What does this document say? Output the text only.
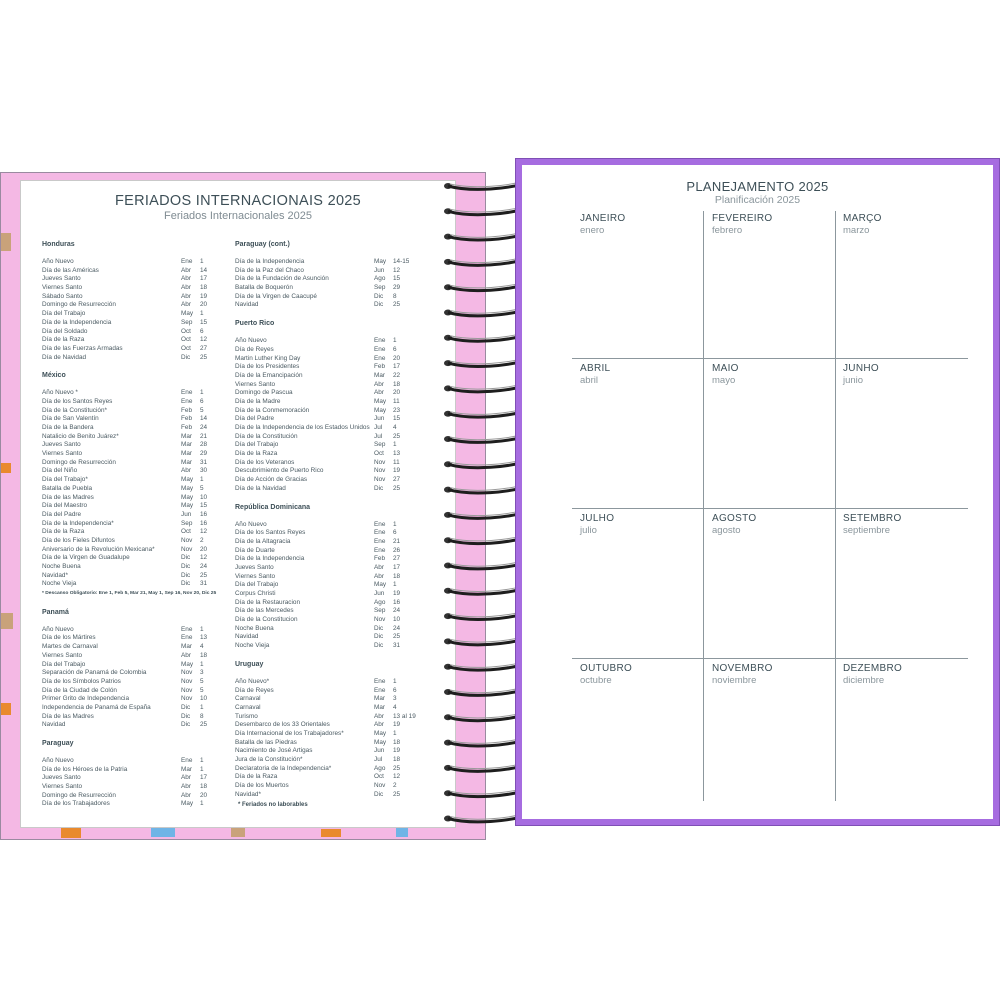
FERIADOS INTERNACIONAIS 2025
Feriados Internacionales 2025
Honduras
Año Nuevo	Ene 1
Día de las Américas	Abr 14
Jueves Santo	Abr 17
Viernes Santo	Abr 18
Sábado Santo	Abr 19
Domingo de Resurrección	Abr 20
Día del Trabajo	May 1
Día de la Independencia	Sep 15
Día del Soldado	Oct 6
Día de la Raza	Oct 12
Día de las Fuerzas Armadas	Oct 27
Día de Navidad	Dic 25
México
Año Nuevo *	Ene 1
Día de los Santos Reyes	Ene 6
Día de la Constitución*	Feb 5
Día de San Valentín	Feb 14
Día de la Bandera	Feb 24
Natalicio de Benito Juárez*	Mar 21
Jueves Santo	Mar 28
Viernes Santo	Mar 29
Domingo de Resurrección	Mar 31
Día del Niño	Abr 30
Día del Trabajo*	May 1
Batalla de Puebla	May 5
Día de las Madres	May 10
Día del Maestro	May 15
Día del Padre	Jun 16
Día de la Independencia*	Sep 16
Día de la Raza	Oct 12
Día de los Fieles Difuntos	Nov 2
Aniversario de la Revolución Mexicana*	Nov 20
Día de la Virgen de Guadalupe	Dic 12
Noche Buena	Dic 24
Navidad*	Dic 25
Noche Vieja	Dic 31
* Descanso Obligatorio: Ene 1, Feb 5, Mar 21, May 1, Sep 16, Nov 20, Dic 25
Panamá
Año Nuevo	Ene 1
Día de los Mártires	Ene 13
Martes de Carnaval	Mar 4
Viernes Santo	Abr 18
Día del Trabajo	May 1
Separación de Panamá de Colombia	Nov 3
Día de los Símbolos Patrios	Nov 5
Día de la Ciudad de Colón	Nov 5
Primer Grito de Independencia	Nov 10
Independencia de Panamá de España	Dic 1
Día de las Madres	Dic 8
Navidad	Dic 25
Paraguay
Año Nuevo	Ene 1
Día de los Héroes de la Patria	Mar 1
Jueves Santo	Abr 17
Viernes Santo	Abr 18
Domingo de Resurrección	Abr 20
Día de los Trabajadores	May 1
Paraguay (cont.)
Día de la Independencia	May 14-15
Día de la Paz del Chaco	Jun 12
Día de la Fundación de Asunción	Ago 15
Batalla de Boquerón	Sep 29
Día de la Virgen de Caacupé	Dic 8
Navidad	Dic 25
Puerto Rico
Año Nuevo	Ene 1
Día de Reyes	Ene 6
Martin Luther King Day	Ene 20
Día de los Presidentes	Feb 17
Día de la Emancipación	Mar 22
Viernes Santo	Abr 18
Domingo de Pascua	Abr 20
Día de la Madre	May 11
Día de la Conmemoración	May 23
Día del Padre	Jun 15
Día de la Independencia de los Estados Unidos Jul 4
Día de la Constitución	Jul 25
Día del Trabajo	Sep 1
Día de la Raza	Oct 13
Día de los Veteranos	Nov 11
Descubrimiento de Puerto Rico	Nov 19
Día de Acción de Gracias	Nov 27
Día de la Navidad	Dic 25
República Dominicana
Año Nuevo	Ene 1
Día de los Santos Reyes	Ene 6
Día de la Altagracia	Ene 21
Día de Duarte	Ene 26
Día de la Independencia	Feb 27
Jueves Santo	Abr 17
Viernes Santo	Abr 18
Día del Trabajo	May 1
Corpus Christi	Jun 19
Día de la Restauracion	Ago 16
Día de las Mercedes	Sep 24
Día de la Constitucion	Nov 10
Noche Buena	Dic 24
Navidad	Dic 25
Noche Vieja	Dic 31
Uruguay
Año Nuevo*	Ene 1
Día de Reyes	Ene 6
Carnaval	Mar 3
Carnaval	Mar 4
Turismo	Abr 13 al 19
Desembarco de los 33 Orientales	Abr 19
Día Internacional de los Trabajadores*	May 1
Batalla de las Piedras	May 18
Nacimiento de José Artigas	Jun 19
Jura de la Constitución*	Jul 18
Declaratoria de la Independencia*	Ago 25
Día de la Raza	Oct 12
Día de los Muertos	Nov 2
Navidad*	Dic 25
* Feriados no laborables
PLANEJAMENTO 2025
Planificación 2025
JANEIRO
enero
FEVEREIRO
febrero
MARÇO
marzo
ABRIL
abril
MAIO
mayo
JUNHO
junio
JULHO
julio
AGOSTO
agosto
SETEMBRO
septiembre
OUTUBRO
octubre
NOVEMBRO
noviembre
DEZEMBRO
diciembre
